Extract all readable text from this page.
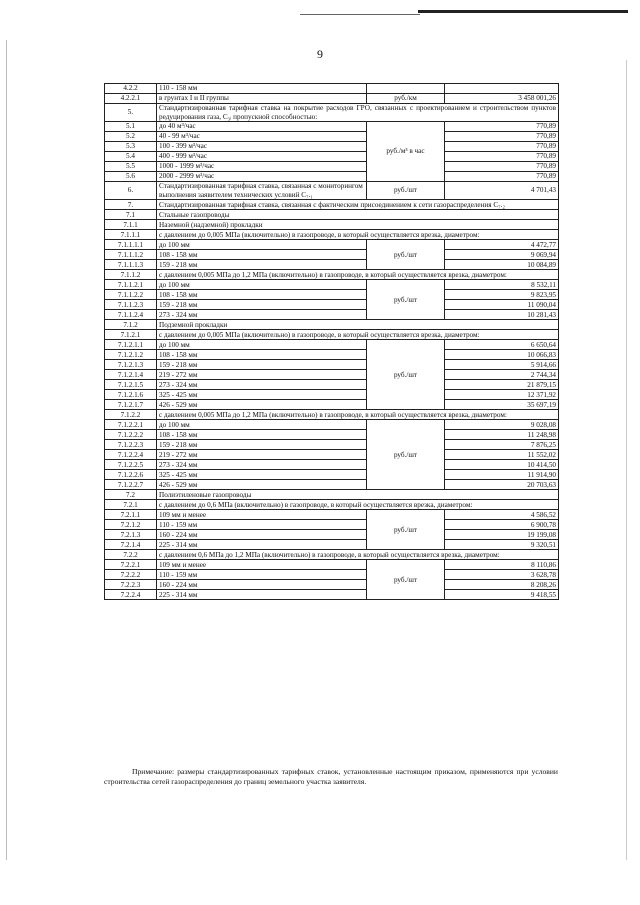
9
4.2.2	110 - 158 мм		
4.2.2.1	в грунтах I и II группы	руб./км	3 458 001,26
5.	Стандартизированная тарифная ставка на покрытие расходов ГРО, связанных с проектированием и строительством пунктов редуцирования газа, C₃ᵢ пропускной способностью:		
5.1	до 40 м³/час	руб./м³ в час	770,89
5.2	40 - 99 м³/час		770,89
5.3	100 - 399 м³/час		770,89
5.4	400 - 999 м³/час		770,89
5.5	1000 - 1999 м³/час		770,89
5.6	2000 - 2999 м³/час		770,89
6.	Стандартизированная тарифная ставка, связанная с мониторингом выполнения заявителем технических условий C₇.₁	руб./шт	4 701,43
7.	Стандартизированная тарифная ставка, связанная с фактическим присоединением к сети газораспределения C₇.₂		
7.1	Стальные газопроводы		
7.1.1	Наземной (надземной) прокладки		
7.1.1.1	с давлением до 0,005 МПа (включительно) в газопроводе, в который осуществляется врезка, диаметром:		
7.1.1.1.1	до 100 мм	руб./шт	4 472,77
7.1.1.1.2	108 - 158 мм		9 069,94
7.1.1.1.3	159 - 218 мм		10 084,89
7.1.1.2	с давлением 0,005 МПа до 1,2 МПа (включительно) в газопроводе, в который осуществляется врезка, диаметром:		
7.1.1.2.1	до 100 мм	руб./шт	8 532,11
7.1.1.2.2	108 - 158 мм		9 823,95
7.1.1.2.3	159 - 218 мм		11 090,04
7.1.1.2.4	273 - 324 мм		10 281,43
7.1.2	Подземной прокладки		
7.1.2.1	с давлением до 0,005 МПа (включительно) в газопроводе, в который осуществляется врезка, диаметром:		
7.1.2.1.1	до 100 мм	руб./шт	6 650,64
7.1.2.1.2	108 - 158 мм		10 066,83
7.1.2.1.3	159 - 218 мм		5 914,66
7.1.2.1.4	219 - 272 мм		2 744,34
7.1.2.1.5	273 - 324 мм		21 879,15
7.1.2.1.6	325 - 425 мм		12 371,92
7.1.2.1.7	426 - 529 мм		35 697,19
7.1.2.2	с давлением 0,005 МПа до 1,2 МПа (включительно) в газопроводе, в который осуществляется врезка, диаметром:		
7.1.2.2.1	до 100 мм	руб./шт	9 028,08
7.1.2.2.2	108 - 158 мм		11 248,98
7.1.2.2.3	159 - 218 мм		7 876,25
7.1.2.2.4	219 - 272 мм		11 552,02
7.1.2.2.5	273 - 324 мм		10 414,50
7.1.2.2.6	325 - 425 мм		11 914,90
7.1.2.2.7	426 - 529 мм		20 703,63
7.2	Полиэтиленовые газопроводы		
7.2.1	с давлением до 0,6 МПа (включительно) в газопроводе, в который осуществляется врезка, диаметром:		
7.2.1.1	109 мм и менее	руб./шт	4 586,52
7.2.1.2	110 - 159 мм		6 900,78
7.2.1.3	160 - 224 мм		19 199,08
7.2.1.4	225 - 314 мм		9 320,51
7.2.2	с давлением 0,6 МПа до 1,2 МПа (включительно) в газопроводе, в который осуществляется врезка, диаметром:		
7.2.2.1	109 мм и менее	руб./шт	8 110,86
7.2.2.2	110 - 159 мм		3 628,78
7.2.2.3	160 - 224 мм		8 208,26
7.2.2.4	225 - 314 мм		9 418,55
Примечание: размеры стандартизированных тарифных ставок, установленные настоящим приказом, применяются при условии строительства сетей газораспределения до границ земельного участка заявителя.
